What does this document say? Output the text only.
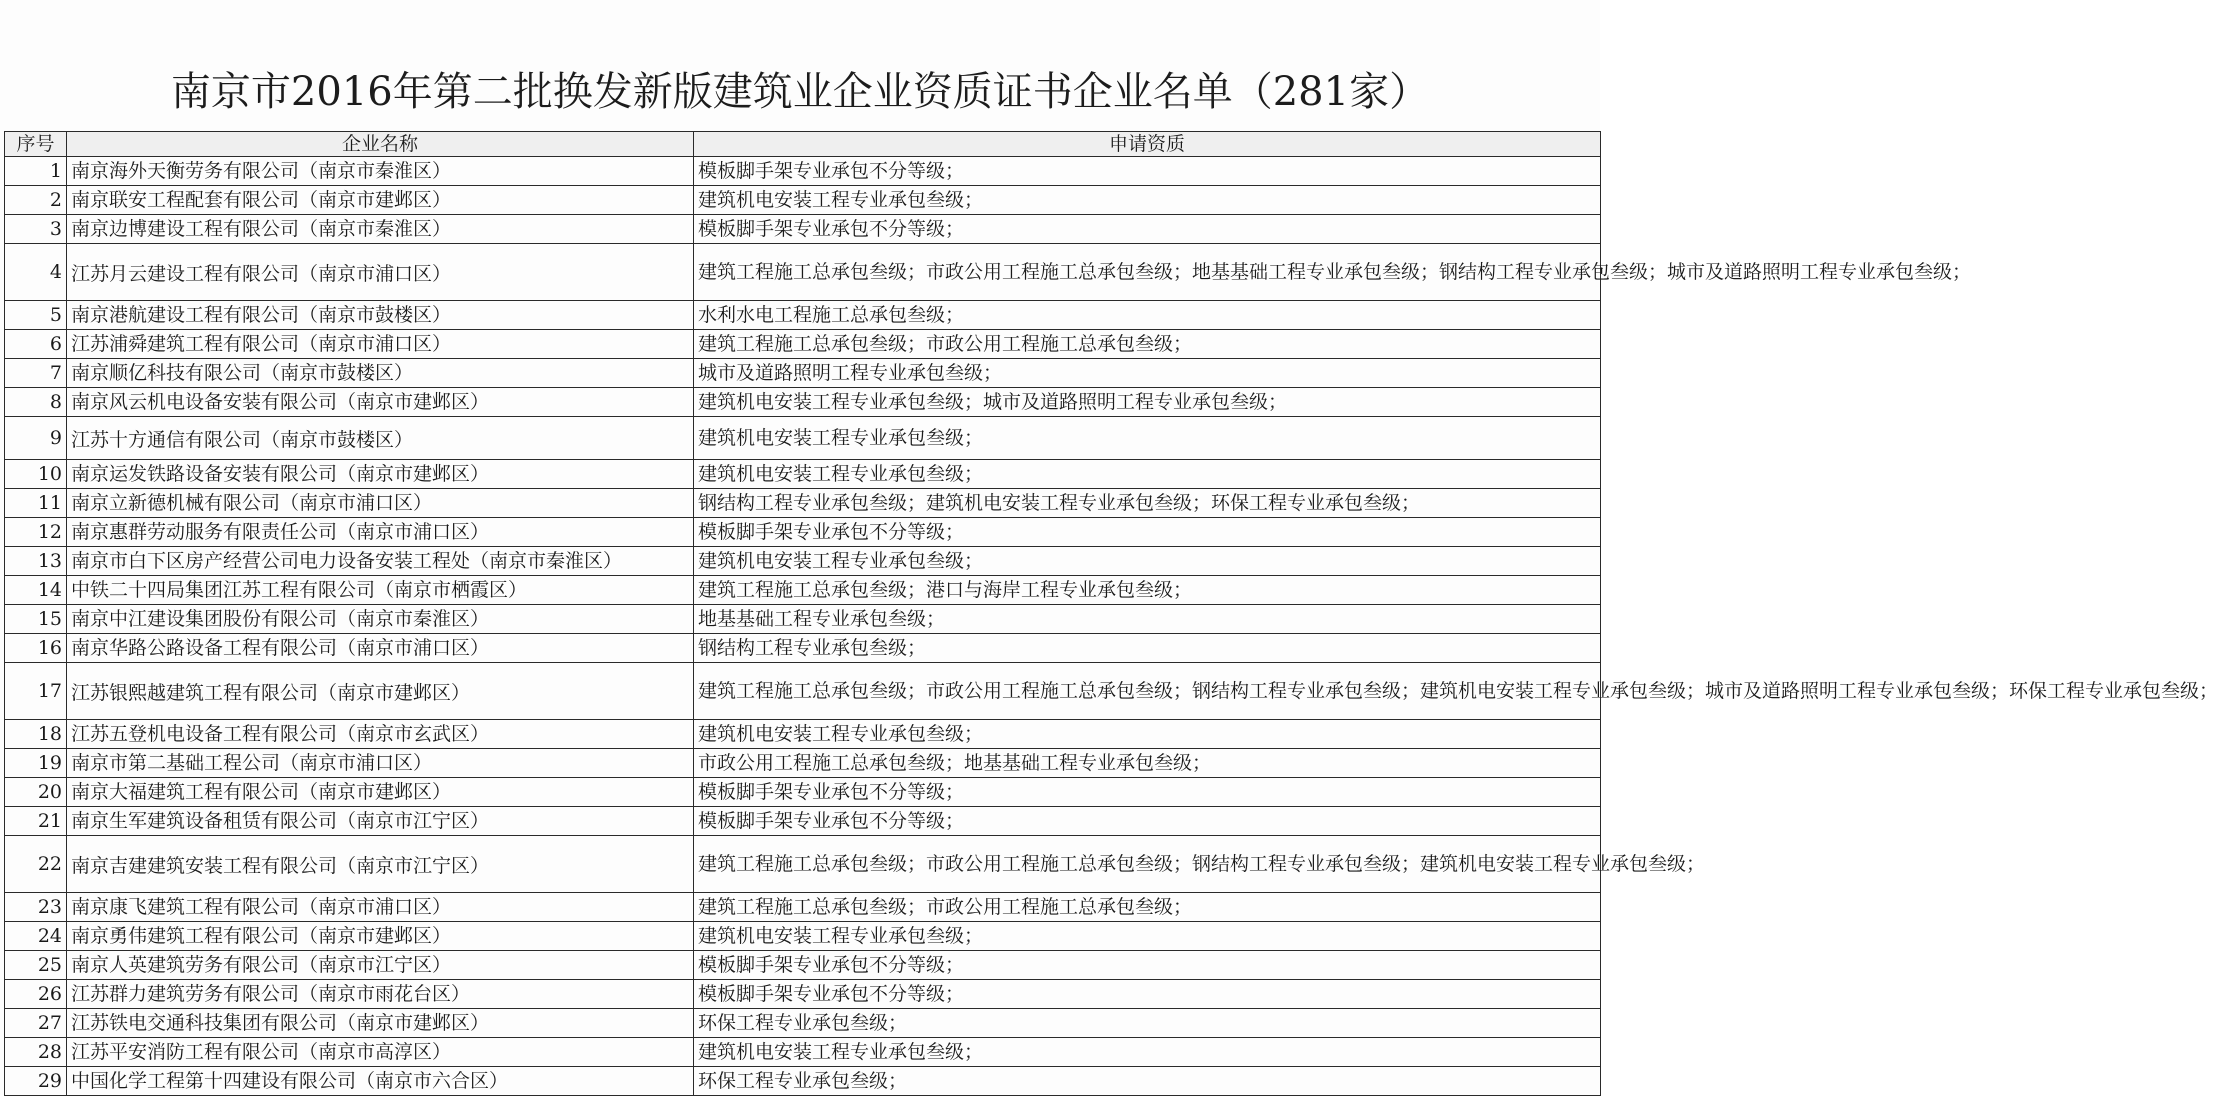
南京市2016年第二批换发新版建筑业企业资质证书企业名单（281家）
序号	企业名称	申请资质
1	南京海外天衡劳务有限公司（南京市秦淮区）	模板脚手架专业承包不分等级；
2	南京联安工程配套有限公司（南京市建邺区）	建筑机电安装工程专业承包叁级；
3	南京边博建设工程有限公司（南京市秦淮区）	模板脚手架专业承包不分等级；
4	江苏月云建设工程有限公司（南京市浦口区）	建筑工程施工总承包叁级；市政公用工程施工总承包叁级；地基基础工程专业承包叁级；钢结构工程专业承包叁级；城市及道路照明工程专业承包叁级；
5	南京港航建设工程有限公司（南京市鼓楼区）	水利水电工程施工总承包叁级；
6	江苏浦舜建筑工程有限公司（南京市浦口区）	建筑工程施工总承包叁级；市政公用工程施工总承包叁级；
7	南京顺亿科技有限公司（南京市鼓楼区）	城市及道路照明工程专业承包叁级；
8	南京风云机电设备安装有限公司（南京市建邺区）	建筑机电安装工程专业承包叁级；城市及道路照明工程专业承包叁级；
9	江苏十方通信有限公司（南京市鼓楼区）	建筑机电安装工程专业承包叁级；
10	南京运发铁路设备安装有限公司（南京市建邺区）	建筑机电安装工程专业承包叁级；
11	南京立新德机械有限公司（南京市浦口区）	钢结构工程专业承包叁级；建筑机电安装工程专业承包叁级；环保工程专业承包叁级；
12	南京惠群劳动服务有限责任公司（南京市浦口区）	模板脚手架专业承包不分等级；
13	南京市白下区房产经营公司电力设备安装工程处（南京市秦淮区）	建筑机电安装工程专业承包叁级；
14	中铁二十四局集团江苏工程有限公司（南京市栖霞区）	建筑工程施工总承包叁级；港口与海岸工程专业承包叁级；
15	南京中江建设集团股份有限公司（南京市秦淮区）	地基基础工程专业承包叁级；
16	南京华路公路设备工程有限公司（南京市浦口区）	钢结构工程专业承包叁级；
17	江苏银熙越建筑工程有限公司（南京市建邺区）	建筑工程施工总承包叁级；市政公用工程施工总承包叁级；钢结构工程专业承包叁级；建筑机电安装工程专业承包叁级；城市及道路照明工程专业承包叁级；环保工程专业承包叁级；
18	江苏五登机电设备工程有限公司（南京市玄武区）	建筑机电安装工程专业承包叁级；
19	南京市第二基础工程公司（南京市浦口区）	市政公用工程施工总承包叁级；地基基础工程专业承包叁级；
20	南京大福建筑工程有限公司（南京市建邺区）	模板脚手架专业承包不分等级；
21	南京生军建筑设备租赁有限公司（南京市江宁区）	模板脚手架专业承包不分等级；
22	南京吉建建筑安装工程有限公司（南京市江宁区）	建筑工程施工总承包叁级；市政公用工程施工总承包叁级；钢结构工程专业承包叁级；建筑机电安装工程专业承包叁级；
23	南京康飞建筑工程有限公司（南京市浦口区）	建筑工程施工总承包叁级；市政公用工程施工总承包叁级；
24	南京勇伟建筑工程有限公司（南京市建邺区）	建筑机电安装工程专业承包叁级；
25	南京人英建筑劳务有限公司（南京市江宁区）	模板脚手架专业承包不分等级；
26	江苏群力建筑劳务有限公司（南京市雨花台区）	模板脚手架专业承包不分等级；
27	江苏铁电交通科技集团有限公司（南京市建邺区）	环保工程专业承包叁级；
28	江苏平安消防工程有限公司（南京市高淳区）	建筑机电安装工程专业承包叁级；
29	中国化学工程第十四建设有限公司（南京市六合区）	环保工程专业承包叁级；
